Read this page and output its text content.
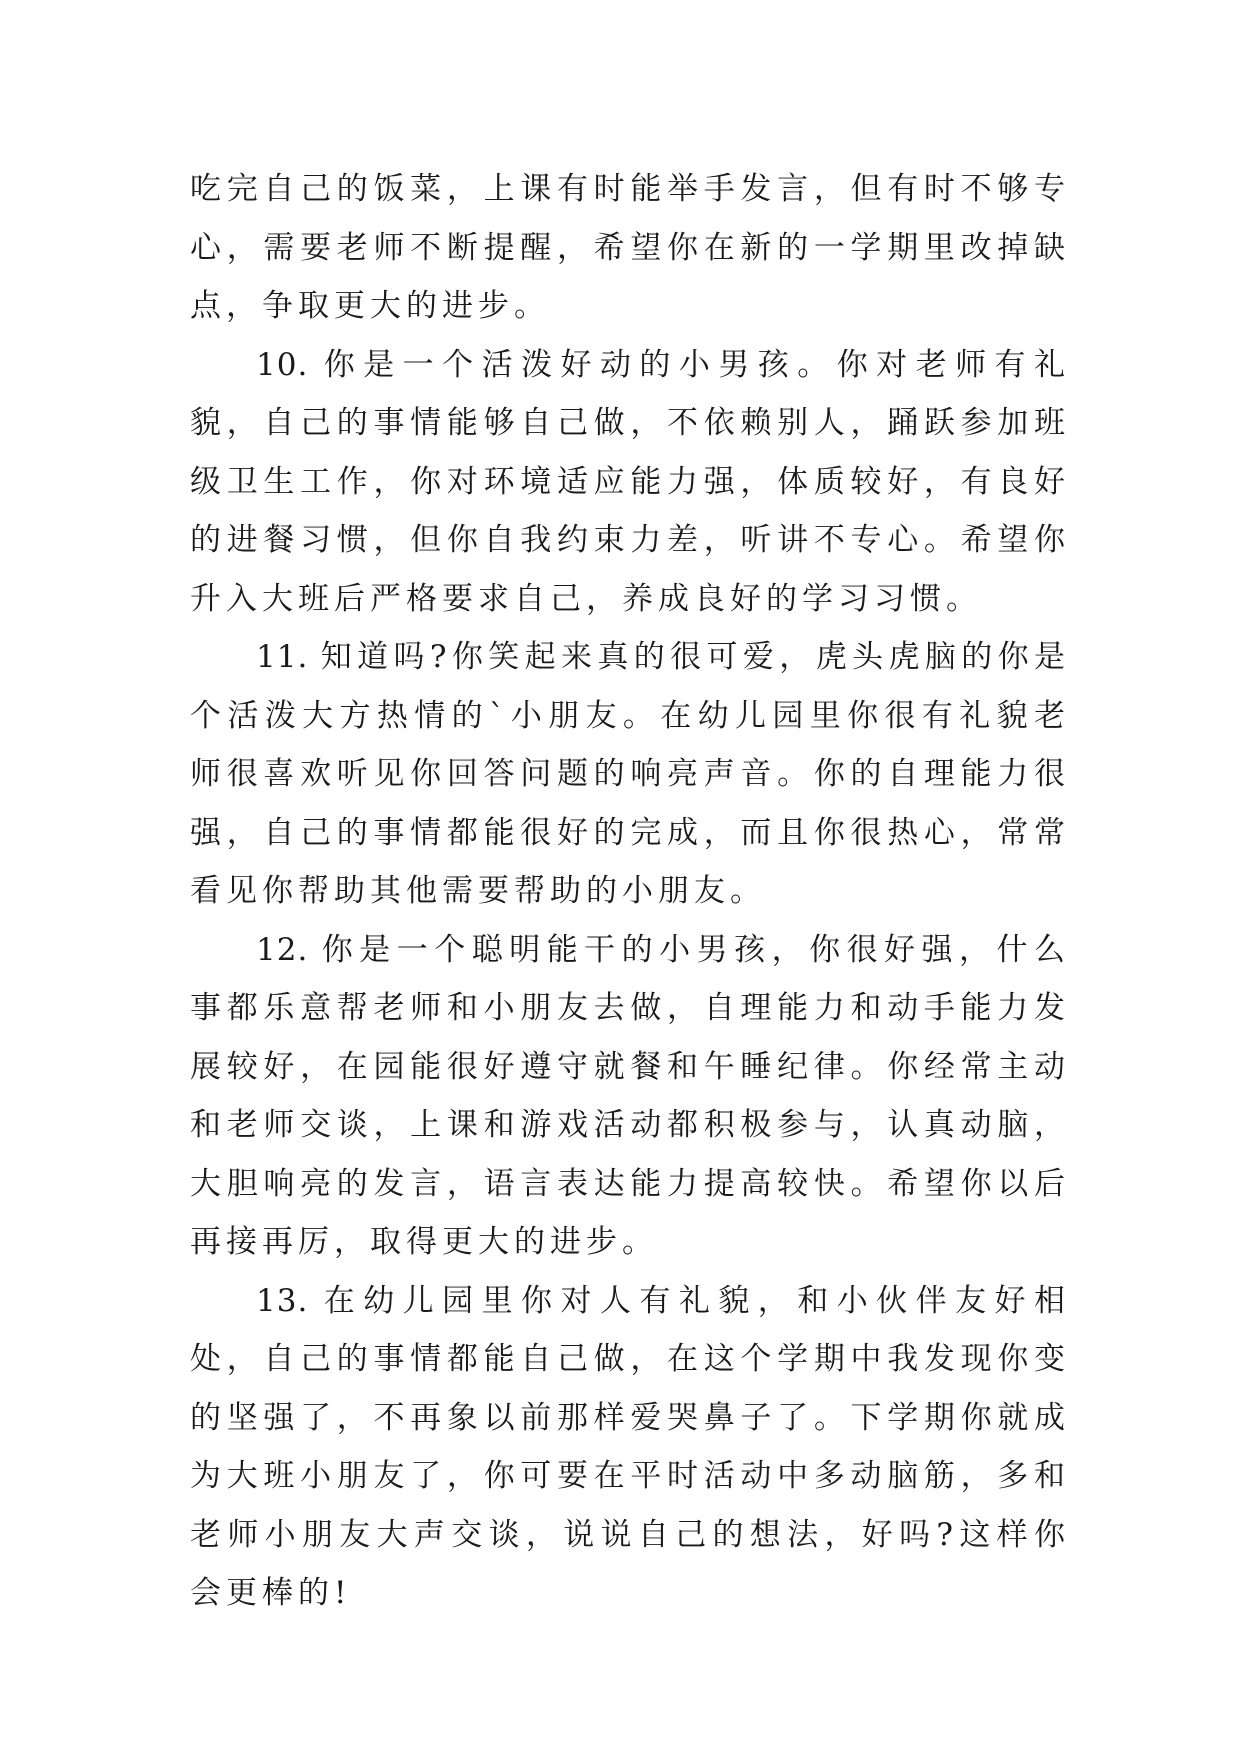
吃完自己的饭菜，上课有时能举手发言，但有时不够专心，需要老师不断提醒，希望你在新的一学期里改掉缺点，争取更大的进步。

10. 你是一个活泼好动的小男孩。你对老师有礼貌，自己的事情能够自己做，不依赖别人，踊跃参加班级卫生工作，你对环境适应能力强，体质较好，有良好的进餐习惯，但你自我约束力差，听讲不专心。希望你升入大班后严格要求自己，养成良好的学习习惯。

11. 知道吗?你笑起来真的很可爱，虎头虎脑的你是个活泼大方热情的`小朋友。在幼儿园里你很有礼貌老师很喜欢听见你回答问题的响亮声音。你的自理能力很强，自己的事情都能很好的完成，而且你很热心，常常看见你帮助其他需要帮助的小朋友。

12. 你是一个聪明能干的小男孩，你很好强，什么事都乐意帮老师和小朋友去做，自理能力和动手能力发展较好，在园能很好遵守就餐和午睡纪律。你经常主动和老师交谈，上课和游戏活动都积极参与，认真动脑，大胆响亮的发言，语言表达能力提高较快。希望你以后再接再厉，取得更大的进步。

13. 在幼儿园里你对人有礼貌，和小伙伴友好相处，自己的事情都能自己做，在这个学期中我发现你变的坚强了，不再象以前那样爱哭鼻子了。下学期你就成为大班小朋友了，你可要在平时活动中多动脑筋，多和老师小朋友大声交谈，说说自己的想法，好吗?这样你会更棒的!
